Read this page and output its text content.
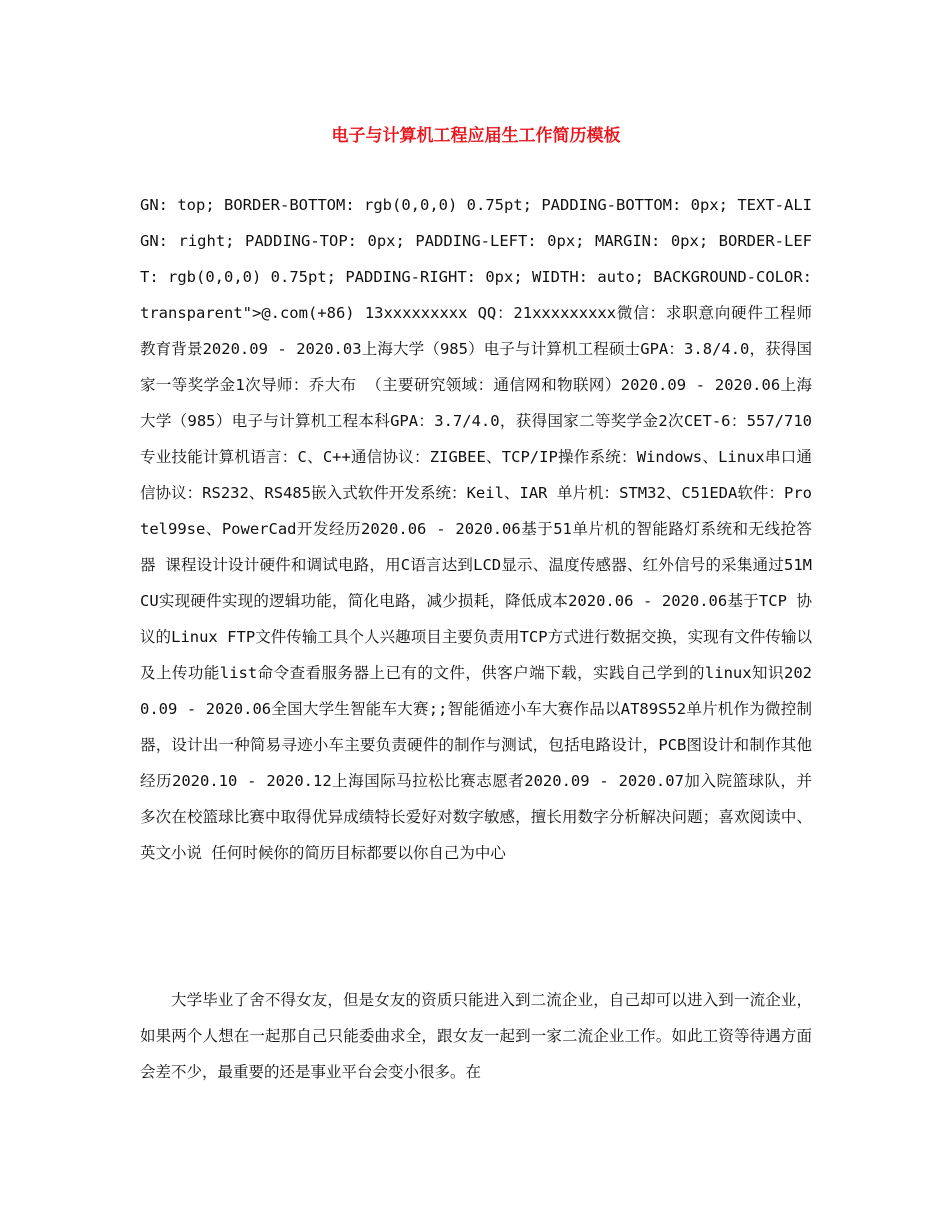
电子与计算机工程应届生工作简历模板

GN: top; BORDER-BOTTOM: rgb(0,0,0) 0.75pt; PADDING-BOTTOM: 0px; TEXT-ALIGN: right; PADDING-TOP: 0px; PADDING-LEFT: 0px; MARGIN: 0px; BORDER-LEFT: rgb(0,0,0) 0.75pt; PADDING-RIGHT: 0px; WIDTH: auto; BACKGROUND-COLOR: transparent">@.com(+86) 13xxxxxxxxx QQ：21xxxxxxxxx微信：求职意向硬件工程师教育背景2020.09 - 2020.03上海大学（985）电子与计算机工程硕士GPA：3.8/4.0，获得国家一等奖学金1次导师：乔大布 （主要研究领域：通信网和物联网）2020.09 - 2020.06上海大学（985）电子与计算机工程本科GPA：3.7/4.0，获得国家二等奖学金2次CET-6：557/710专业技能计算机语言：C、C++通信协议：ZIGBEE、TCP/IP操作系统：Windows、Linux串口通信协议：RS232、RS485嵌入式软件开发系统：Keil、IAR 单片机：STM32、C51EDA软件：Protel99se、PowerCad开发经历2020.06 - 2020.06基于51单片机的智能路灯系统和无线抢答器 课程设计设计硬件和调试电路，用C语言达到LCD显示、温度传感器、红外信号的采集通过51MCU实现硬件实现的逻辑功能，简化电路，减少损耗，降低成本2020.06 - 2020.06基于TCP 协议的Linux FTP文件传输工具个人兴趣项目主要负责用TCP方式进行数据交换，实现有文件传输以及上传功能list命令查看服务器上已有的文件，供客户端下载，实践自己学到的linux知识2020.09 - 2020.06全国大学生智能车大赛;;智能循迹小车大赛作品以AT89S52单片机作为微控制器，设计出一种简易寻迹小车主要负责硬件的制作与测试，包括电路设计，PCB图设计和制作其他经历2020.10 - 2020.12上海国际马拉松比赛志愿者2020.09 - 2020.07加入院篮球队，并多次在校篮球比赛中取得优异成绩特长爱好对数字敏感，擅长用数字分析解决问题；喜欢阅读中、英文小说 任何时候你的简历目标都要以你自己为中心

大学毕业了舍不得女友，但是女友的资质只能进入到二流企业，自己却可以进入到一流企业，如果两个人想在一起那自己只能委曲求全，跟女友一起到一家二流企业工作。如此工资等待遇方面会差不少，最重要的还是事业平台会变小很多。在
